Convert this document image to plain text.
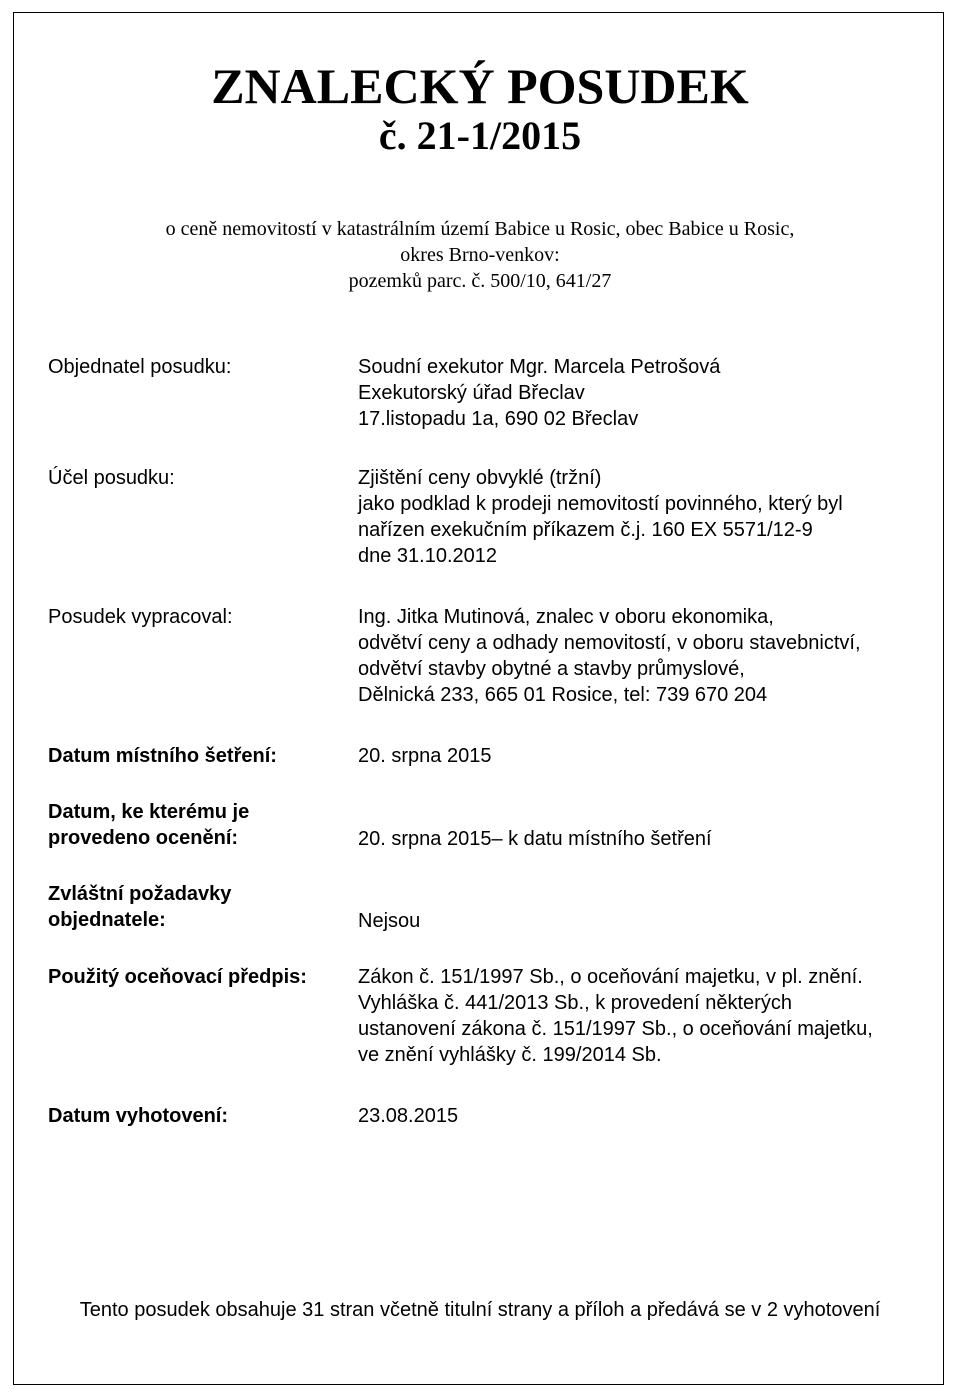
ZNALECKÝ POSUDEK
č. 21-1/2015
o ceně nemovitostí v katastrálním území Babice u Rosic, obec Babice u Rosic,
okres Brno-venkov:
pozemků parc. č. 500/10, 641/27
Objednatel posudku:	Soudní exekutor Mgr. Marcela Petrošová
Exekutorský úřad Břeclav
17.listopadu 1a, 690 02 Břeclav
Účel posudku:	Zjištění ceny obvyklé (tržní)
jako podklad k prodeji nemovitostí povinného, který byl
nařízen exekučním příkazem č.j. 160 EX 5571/12-9
dne 31.10.2012
Posudek vypracoval:	Ing. Jitka Mutinová, znalec v oboru ekonomika,
odvětví ceny a odhady nemovitostí, v oboru stavebnictví,
odvětví stavby obytné a stavby průmyslové,
Dělnická 233, 665 01 Rosice, tel: 739 670 204
Datum místního šetření:	20. srpna 2015
Datum, ke kterému je
provedeno ocenění:	20. srpna 2015– k datu místního šetření
Zvláštní požadavky
objednatele:	Nejsou
Použitý oceňovací předpis:	Zákon č. 151/1997 Sb., o oceňování majetku, v pl. znění.
Vyhláška č. 441/2013 Sb., k provedení některých
ustanovení zákona č. 151/1997 Sb., o oceňování majetku,
ve znění vyhlášky č. 199/2014 Sb.
Datum vyhotovení:	23.08.2015
Tento posudek obsahuje 31 stran včetně titulní strany a příloh a předává se v 2 vyhotovení
